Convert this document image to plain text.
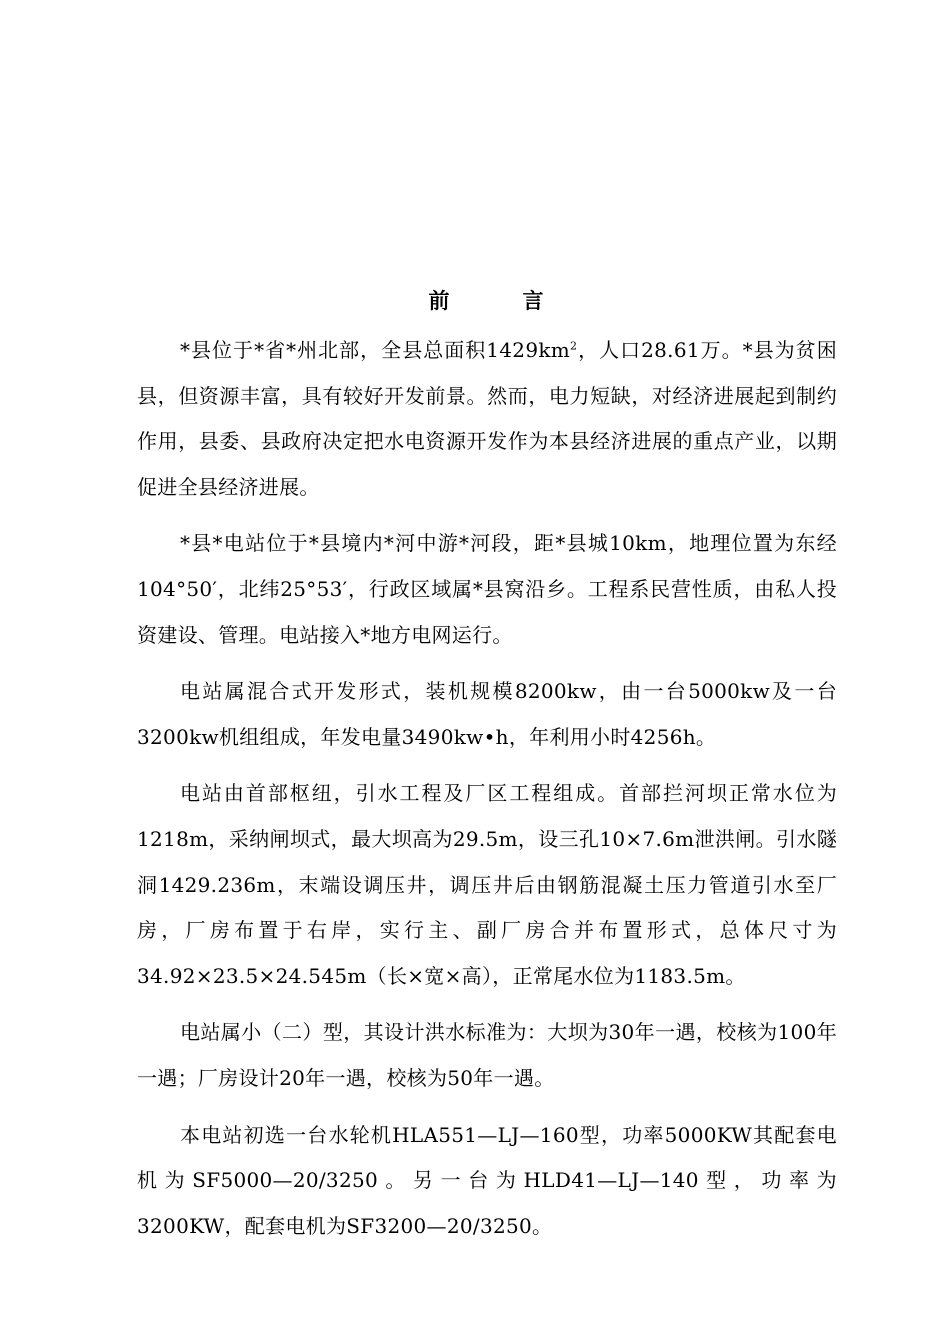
前　言

*县位于*省*州北部，全县总面积$1429km^2$，人口28.61万。*县为贫困县，但资源丰富，具有较好开发前景。然而，电力短缺，对经济进展起到制约作用，县委、县政府决定把水电资源开发作为本县经济进展的重点产业，以期促进全县经济进展。

*县*电站位于*县境内*河中游*河段，距*县城10km，地理位置为东经104°50′，北纬25°53′，行政区域属*县窝沿乡。工程系民营性质，由私人投资建设、管理。电站接入*地方电网运行。

电站属混合式开发形式，装机规模8200kw，由一台5000kw及一台3200kw机组组成，年发电量3490kw•h，年利用小时4256h。

电站由首部枢纽，引水工程及厂区工程组成。首部拦河坝正常水位为1218m，采纳闸坝式，最大坝高为29.5m，设三孔10×7.6m泄洪闸。引水隧洞1429.236m，末端设调压井，调压井后由钢筋混凝土压力管道引水至厂房，厂房布置于右岸，实行主、副厂房合并布置形式，总体尺寸为34.92×23.5×24.545m（长×宽×高），正常尾水位为1183.5m。

电站属小（二）型，其设计洪水标准为：大坝为30年一遇，校核为100年一遇；厂房设计20年一遇，校核为50年一遇。

本电站初选一台水轮机HLA551—LJ—160型，功率5000KW其配套电机为SF5000—20/3250。另一台为HLD41—LJ—140型，功率为3200KW，配套电机为SF3200—20/3250。
